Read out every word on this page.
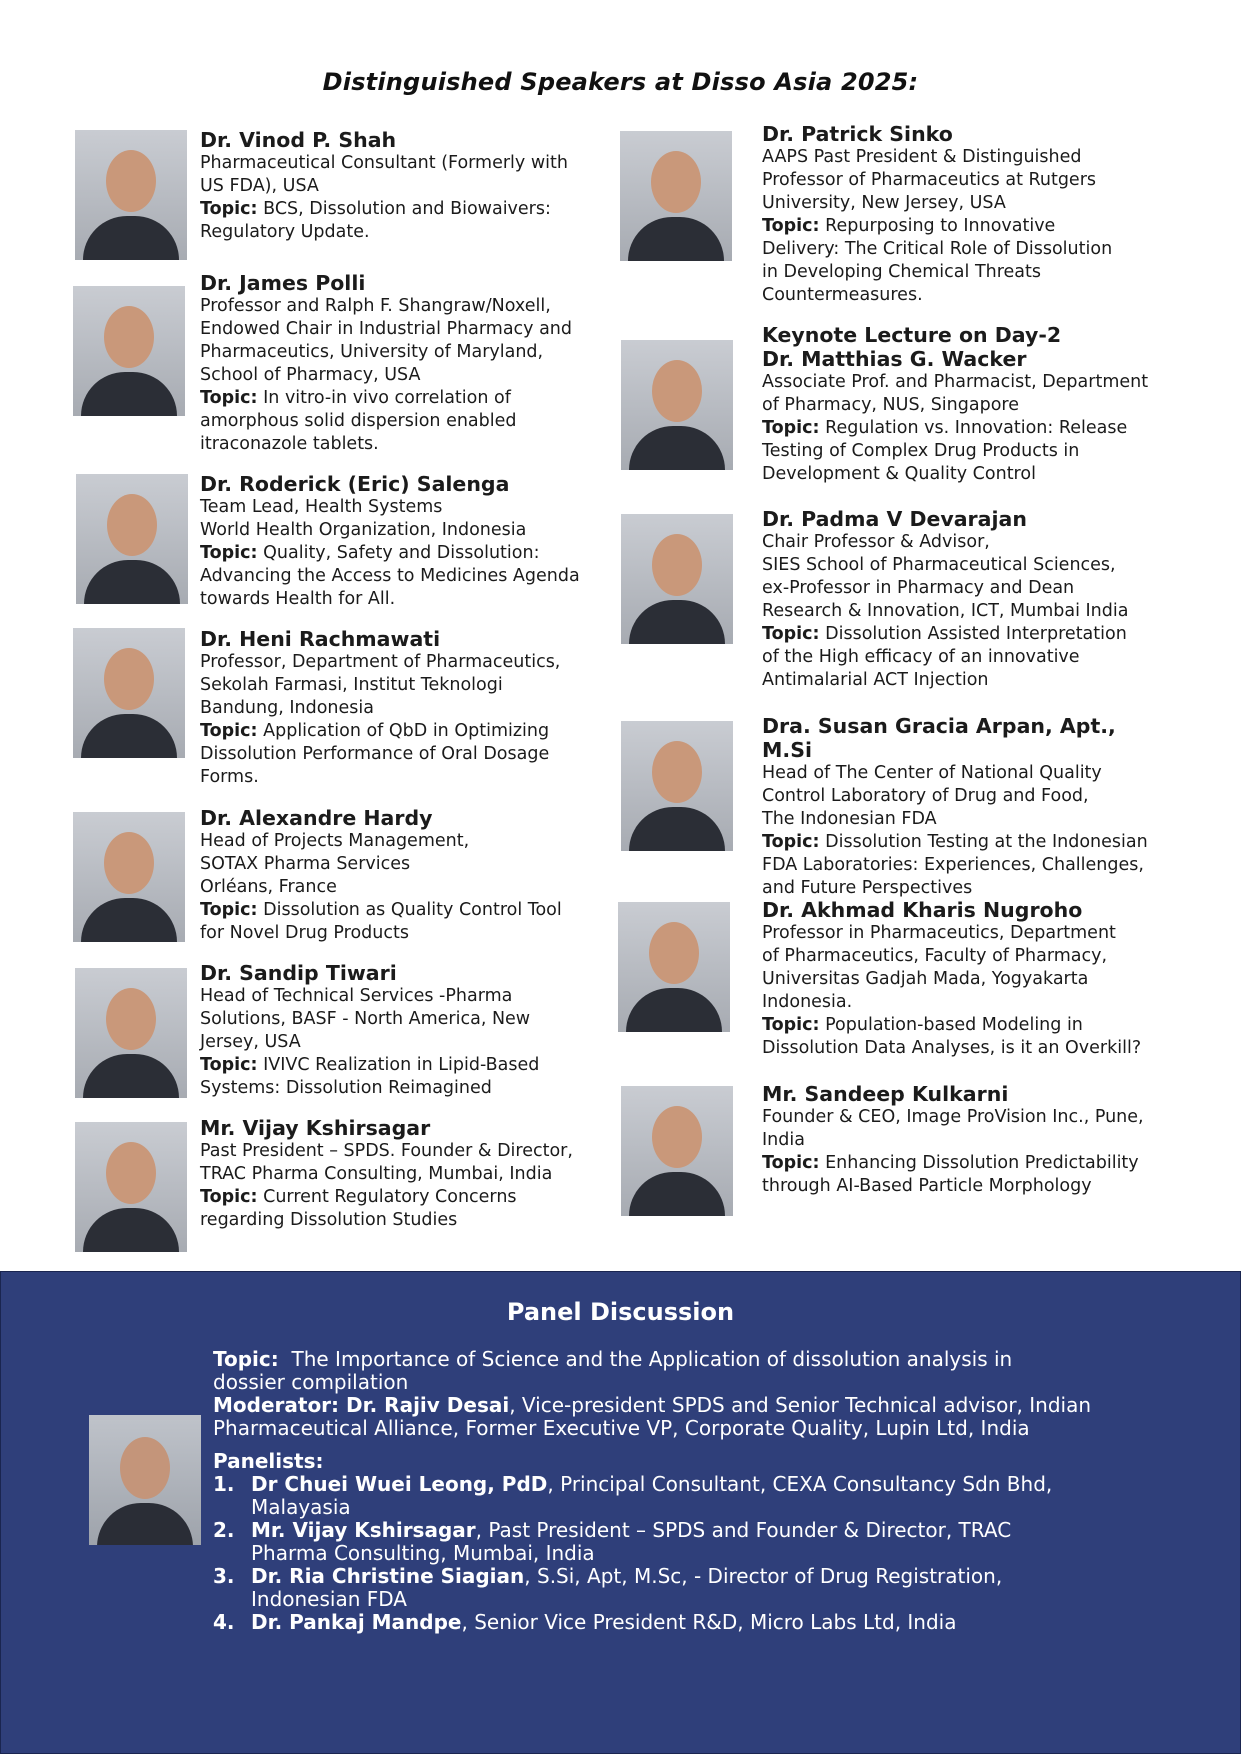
Distinguished Speakers at Disso Asia 2025:
Dr. Vinod P. Shah
Pharmaceutical Consultant (Formerly with
US FDA), USA
Topic: BCS, Dissolution and Biowaivers:
Regulatory Update.
Dr. James Polli
Professor and Ralph F. Shangraw/Noxell,
Endowed Chair in Industrial Pharmacy and
Pharmaceutics, University of Maryland,
School of Pharmacy, USA
Topic: In vitro-in vivo correlation of
amorphous solid dispersion enabled
itraconazole tablets.
Dr. Roderick (Eric) Salenga
Team Lead, Health Systems
World Health Organization, Indonesia
Topic: Quality, Safety and Dissolution:
Advancing the Access to Medicines Agenda
towards Health for All.
Dr. Heni Rachmawati
Professor, Department of Pharmaceutics,
Sekolah Farmasi, Institut Teknologi
Bandung, Indonesia
Topic: Application of QbD in Optimizing
Dissolution Performance of Oral Dosage
Forms.
Dr. Alexandre Hardy
Head of Projects Management,
SOTAX Pharma Services
Orléans, France
Topic: Dissolution as Quality Control Tool
for Novel Drug Products
Dr. Sandip Tiwari
Head of Technical Services -Pharma
Solutions, BASF - North America, New
Jersey, USA
Topic: IVIVC Realization in Lipid-Based
Systems: Dissolution Reimagined
Mr. Vijay Kshirsagar
Past President – SPDS. Founder & Director,
TRAC Pharma Consulting, Mumbai, India
Topic: Current Regulatory Concerns
regarding Dissolution Studies
Dr. Patrick Sinko
AAPS Past President & Distinguished
Professor of Pharmaceutics at Rutgers
University, New Jersey, USA
Topic: Repurposing to Innovative
Delivery: The Critical Role of Dissolution
in Developing Chemical Threats
Countermeasures.
Keynote Lecture on Day-2
Dr. Matthias G. Wacker
Associate Prof. and Pharmacist, Department
of Pharmacy, NUS, Singapore
Topic: Regulation vs. Innovation: Release
Testing of Complex Drug Products in
Development & Quality Control
Dr. Padma V Devarajan
Chair Professor & Advisor,
SIES School of Pharmaceutical Sciences,
ex-Professor in Pharmacy and Dean
Research & Innovation, ICT, Mumbai India
Topic: Dissolution Assisted Interpretation
of the High efficacy of an innovative
Antimalarial ACT Injection
Dra. Susan Gracia Arpan, Apt., M.Si
Head of The Center of National Quality
Control Laboratory of Drug and Food,
The Indonesian FDA
Topic: Dissolution Testing at the Indonesian
FDA Laboratories: Experiences, Challenges,
and Future Perspectives
Dr. Akhmad Kharis Nugroho
Professor in Pharmaceutics, Department
of Pharmaceutics, Faculty of Pharmacy,
Universitas Gadjah Mada, Yogyakarta
Indonesia.
Topic: Population-based Modeling in
Dissolution Data Analyses, is it an Overkill?
Mr. Sandeep Kulkarni
Founder & CEO, Image ProVision Inc., Pune,
India
Topic: Enhancing Dissolution Predictability
through AI-Based Particle Morphology
Panel Discussion
Topic: The Importance of Science and the Application of dissolution analysis in
dossier compilation
Moderator: Dr. Rajiv Desai, Vice-president SPDS and Senior Technical advisor, Indian
Pharmaceutical Alliance, Former Executive VP, Corporate Quality, Lupin Ltd, India
Panelists:
1. Dr Chuei Wuei Leong, PdD, Principal Consultant, CEXA Consultancy Sdn Bhd,
Malayasia
2. Mr. Vijay Kshirsagar, Past President – SPDS and Founder & Director, TRAC
Pharma Consulting, Mumbai, India
3. Dr. Ria Christine Siagian, S.Si, Apt, M.Sc, - Director of Drug Registration,
Indonesian FDA
4. Dr. Pankaj Mandpe, Senior Vice President R&D, Micro Labs Ltd, India
